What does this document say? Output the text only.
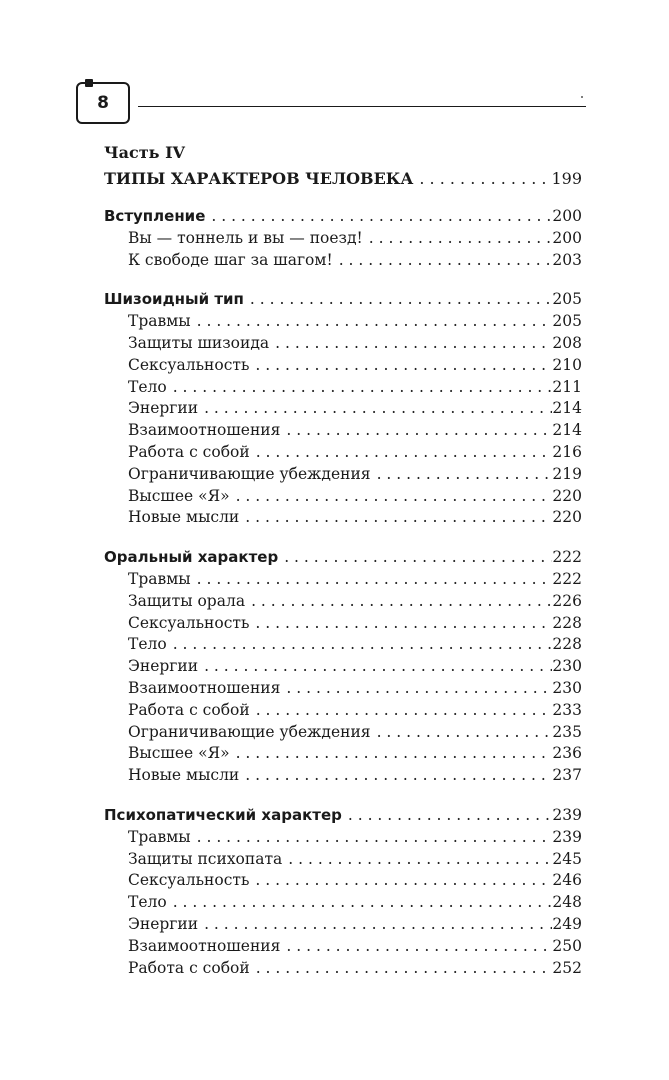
8
Часть IV
ТИПЫ ХАРАКТЕРОВ ЧЕЛОВЕКА . . .	199
Вступление . . .	200
Вы — тоннель и вы — поезд! . . .	200
К свободе шаг за шагом! . . .	203
Шизоидный тип . . .	205
Травмы . . .	205
Защиты шизоида . . .	208
Сексуальность . . .	210
Тело . . .	211
Энергии . . .	214
Взаимоотношения . . .	214
Работа с собой . . .	216
Ограничивающие убеждения . . .	219
Высшее «Я» . . .	220
Новые мысли . . .	220
Оральный характер . . .	222
Травмы . . .	222
Защиты орала . . .	226
Сексуальность . . .	228
Тело . . .	228
Энергии . . .	230
Взаимоотношения . . .	230
Работа с собой . . .	233
Ограничивающие убеждения . . .	235
Высшее «Я» . . .	236
Новые мысли . . .	237
Психопатический характер . . .	239
Травмы . . .	239
Защиты психопата . . .	245
Сексуальность . . .	246
Тело . . .	248
Энергии . . .	249
Взаимоотношения . . .	250
Работа с собой . . .	252
